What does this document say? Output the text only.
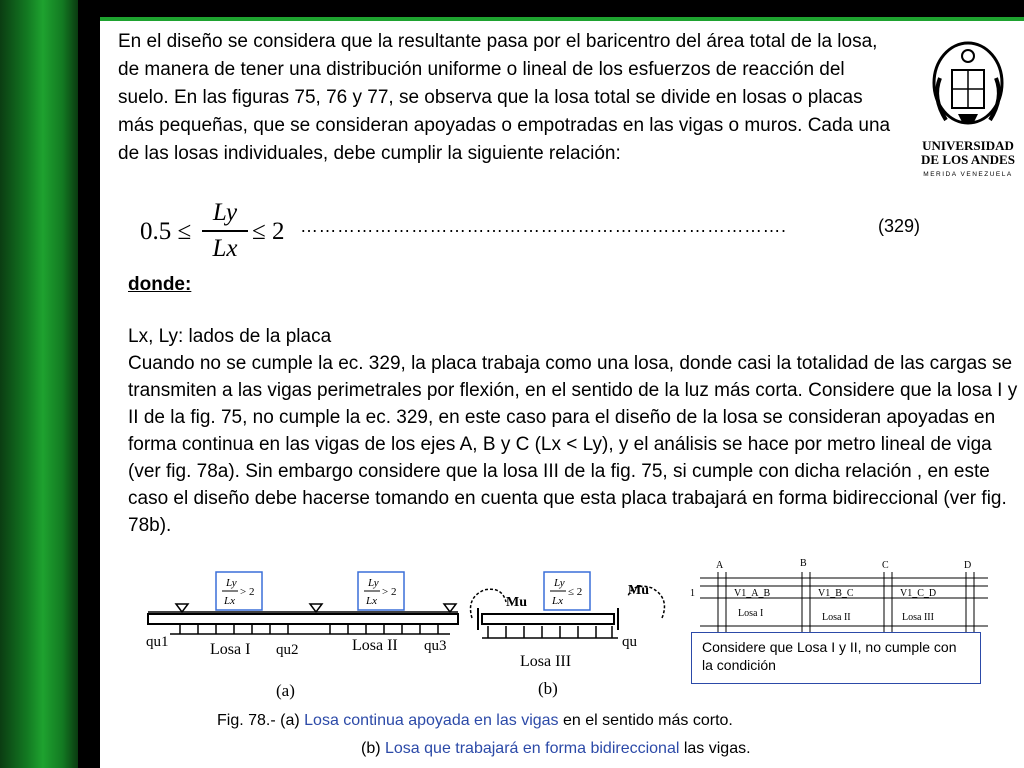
En el diseño se considera que la resultante pasa por el baricentro del área total de la losa, de manera de tener una distribución uniforme o lineal de los esfuerzos de reacción del suelo. En las figuras 75, 76 y 77, se observa que la losa total se divide en losas o placas más pequeñas, que se consideran apoyadas o empotradas en las vigas o muros. Cada una de las losas individuales, debe cumplir la siguiente relación:

0.5 ≤
Ly
Lx
≤ 2 …………………………………………………………………….	(329)
donde:
Lx, Ly: lados de la placa

Cuando no se cumple la ec. 329, la placa trabaja como una losa, donde casi la totalidad de las cargas se transmiten a las vigas perimetrales por flexión, en el sentido de la luz más corta. Considere que la losa I y II de la fig. 75, no cumple la ec. 329, en este caso para el diseño de la losa se consideran apoyadas en forma continua en las vigas de los ejes A, B y C (Lx < Ly), y el análisis se hace por metro lineal de viga (ver fig. 78a). Sin embargo considere que la losa III de la fig. 75, si cumple con dicha relación , en este caso el diseño debe hacerse tomando en cuenta que esta placa trabajará en forma bidireccional (ver fig. 78b).

UNIVERSIDAD
DE LOS ANDES
MERIDA VENEZUELA
Ly
Lx
> 2
Ly
Lx
> 2
qu1	Losa I qu2	Losa II qu3
(a)
Ly
Lx
≤ 2
Mu
Mu
qu
Losa III
(b)
A	B	C	D
1	V1_A_B	V1_B_C	V1_C_D
Losa I	Losa II	Losa III
Considere que Losa I y II, no cumple con la condición
Fig. 78.- (a) Losa continua apoyada en las vigas en el sentido más corto.
(b) Losa que trabajará en forma bidireccional las vigas.
